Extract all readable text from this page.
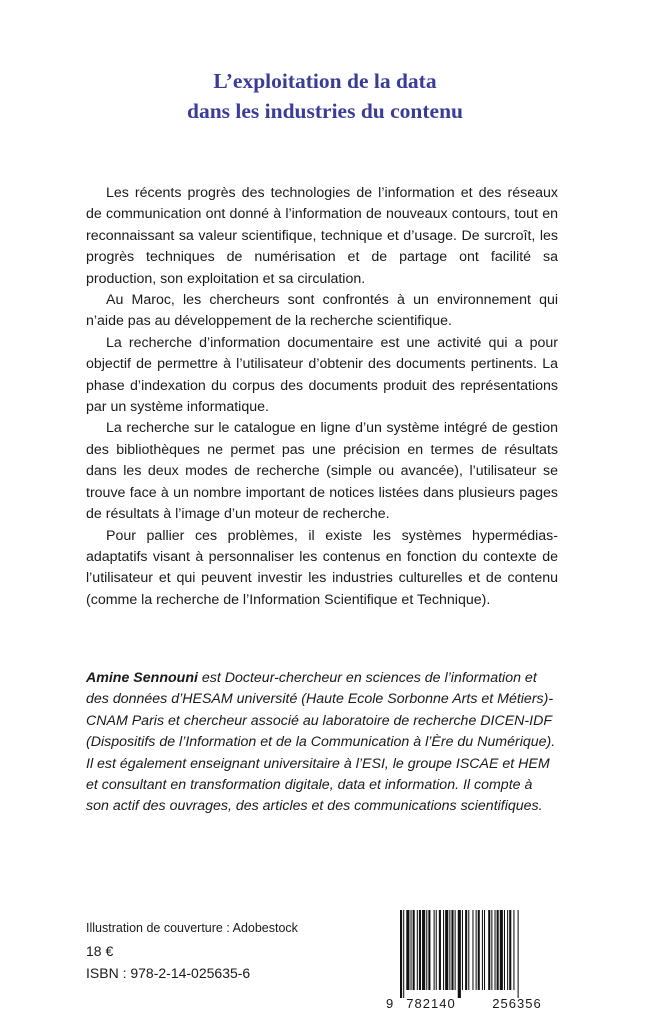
L’exploitation de la data
dans les industries du contenu

Les récents progrès des technologies de l’information et des réseaux de communication ont donné à l’information de nouveaux contours, tout en reconnaissant sa valeur scientifique, technique et d’usage. De surcroît, les progrès techniques de numérisation et de partage ont facilité sa production, son exploitation et sa circulation.

Au Maroc, les chercheurs sont confrontés à un environnement qui n’aide pas au développement de la recherche scientifique.

La recherche d’information documentaire est une activité qui a pour objectif de permettre à l’utilisateur d’obtenir des documents pertinents. La phase d’indexation du corpus des documents produit des représentations par un système informatique.

La recherche sur le catalogue en ligne d’un système intégré de gestion des bibliothèques ne permet pas une précision en termes de résultats dans les deux modes de recherche (simple ou avancée), l’utilisateur se trouve face à un nombre important de notices listées dans plusieurs pages de résultats à l’image d’un moteur de recherche.

Pour pallier ces problèmes, il existe les systèmes hypermédias-adaptatifs visant à personnaliser les contenus en fonction du contexte de l’utilisateur et qui peuvent investir les industries culturelles et de contenu (comme la recherche de l’Information Scientifique et Technique).

Amine Sennouni est Docteur-chercheur en sciences de l’information et des données d’HESAM université (Haute Ecole Sorbonne Arts et Métiers)-CNAM Paris et chercheur associé au laboratoire de recherche DICEN-IDF (Dispositifs de l’Information et de la Communication à l’Ère du Numérique). Il est également enseignant universitaire à l’ESI, le groupe ISCAE et HEM et consultant en transformation digitale, data et information. Il compte à son actif des ouvrages, des articles et des communications scientifiques.
Illustration de couverture : Adobestock
18 €
ISBN : 978-2-14-025635-6
9 782140	256356
